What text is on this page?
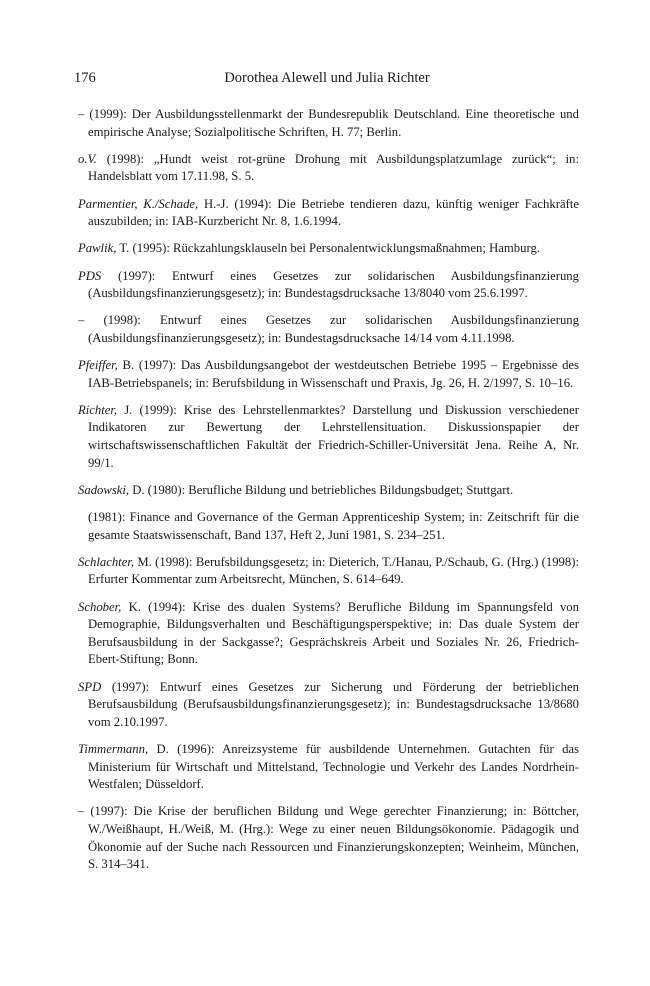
176	Dorothea Alewell und Julia Richter

– (1999): Der Ausbildungsstellenmarkt der Bundesrepublik Deutschland. Eine theoretische und empirische Analyse; Sozialpolitische Schriften, H. 77; Berlin.

o.V. (1998): „Hundt weist rot-grüne Drohung mit Ausbildungsplatzumlage zurück“; in: Handelsblatt vom 17.11.98, S. 5.

Parmentier, K./Schade, H.-J. (1994): Die Betriebe tendieren dazu, künftig weniger Fachkräfte auszubilden; in: IAB-Kurzbericht Nr. 8, 1.6.1994.

Pawlik, T. (1995): Rückzahlungsklauseln bei Personalentwicklungsmaßnahmen; Hamburg.

PDS (1997): Entwurf eines Gesetzes zur solidarischen Ausbildungsfinanzierung (Ausbildungsfinanzierungsgesetz); in: Bundestagsdrucksache 13/8040 vom 25.6.1997.

– (1998): Entwurf eines Gesetzes zur solidarischen Ausbildungsfinanzierung (Ausbildungsfinanzierungsgesetz); in: Bundestagsdrucksache 14/14 vom 4.11.1998.

Pfeiffer, B. (1997): Das Ausbildungsangebot der westdeutschen Betriebe 1995 – Ergebnisse des IAB-Betriebspanels; in: Berufsbildung in Wissenschaft und Praxis, Jg. 26, H. 2/1997, S. 10–16.

Richter, J. (1999): Krise des Lehrstellenmarktes? Darstellung und Diskussion verschiedener Indikatoren zur Bewertung der Lehrstellensituation. Diskussionspapier der wirtschaftswissenschaftlichen Fakultät der Friedrich-Schiller-Universität Jena. Reihe A, Nr. 99/1.

Sadowski, D. (1980): Berufliche Bildung und betriebliches Bildungsbudget; Stuttgart.

(1981): Finance and Governance of the German Apprenticeship System; in: Zeitschrift für die gesamte Staatswissenschaft, Band 137, Heft 2, Juni 1981, S. 234–251.

Schlachter, M. (1998): Berufsbildungsgesetz; in: Dieterich, T./Hanau, P./Schaub, G. (Hrg.) (1998): Erfurter Kommentar zum Arbeitsrecht, München, S. 614–649.

Schober, K. (1994): Krise des dualen Systems? Berufliche Bildung im Spannungsfeld von Demographie, Bildungsverhalten und Beschäftigungsperspektive; in: Das duale System der Berufsausbildung in der Sackgasse?; Gesprächskreis Arbeit und Soziales Nr. 26, Friedrich-Ebert-Stiftung; Bonn.

SPD (1997): Entwurf eines Gesetzes zur Sicherung und Förderung der betrieblichen Berufsausbildung (Berufsausbildungsfinanzierungsgesetz); in: Bundestagsdrucksache 13/8680 vom 2.10.1997.

Timmermann, D. (1996): Anreizsysteme für ausbildende Unternehmen. Gutachten für das Ministerium für Wirtschaft und Mittelstand, Technologie und Verkehr des Landes Nordrhein-Westfalen; Düsseldorf.

– (1997): Die Krise der beruflichen Bildung und Wege gerechter Finanzierung; in: Böttcher, W./Weißhaupt, H./Weiß, M. (Hrg.): Wege zu einer neuen Bildungsökonomie. Pädagogik und Ökonomie auf der Suche nach Ressourcen und Finanzierungskonzepten; Weinheim, München, S. 314–341.
